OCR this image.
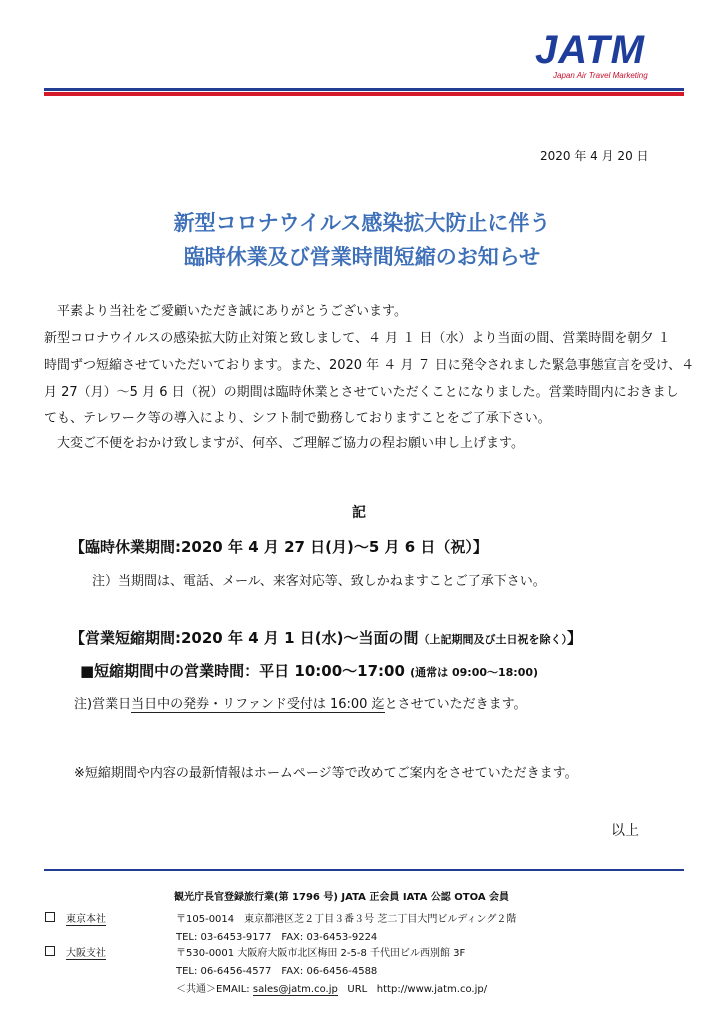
JATM
Japan Air Travel Marketing
2020 年 4 月 20 日
新型コロナウイルス感染拡大防止に伴う
臨時休業及び営業時間短縮のお知らせ
　平素より当社をご愛顧いただき誠にありがとうございます。
新型コロナウイルスの感染拡大防止対策と致しまして、４ 月 １ 日（水）より当面の間、営業時間を朝夕 １
時間ずつ短縮させていただいております。また、2020 年 ４ 月 ７ 日に発令されました緊急事態宣言を受け、４
月 27（月）～5 月 6 日（祝）の期間は臨時休業とさせていただくことになりました。営業時間内におきまし
ても、テレワーク等の導入により、シフト制で勤務しておりますことをご了承下さい。
　大変ご不便をおかけ致しますが、何卒、ご理解ご協力の程お願い申し上げます。
記
【臨時休業期間:2020 年 4 月 27 日(月)～5 月 6 日（祝）】
注）当期間は、電話、メール、来客対応等、致しかねますことご了承下さい。
【営業短縮期間:2020 年 4 月 1 日(水)～当面の間（上記期間及び土日祝を除く）】
■短縮期間中の営業時間：平日 10:00～17:00 (通常は 09:00～18:00)
注)営業日当日中の発券・リファンド受付は 16:00 迄とさせていただきます。
※短縮期間や内容の最新情報はホームページ等で改めてご案内をさせていただきます。
以上
観光庁長官登録旅行業(第 1796 号) JATA 正会員 IATA 公認 OTOA 会員
東京本社	〒105-0014　東京都港区芝２丁目３番３号 芝二丁目大門ビルディング２階
TEL: 03-6453-9177　FAX: 03-6453-9224
大阪支社	〒530-0001 大阪府大阪市北区梅田 2-5-8 千代田ビル西別館 3F
TEL: 06-6456-4577　FAX: 06-6456-4588
＜共通＞EMAIL: sales@jatm.co.jp URL http://www.jatm.co.jp/
